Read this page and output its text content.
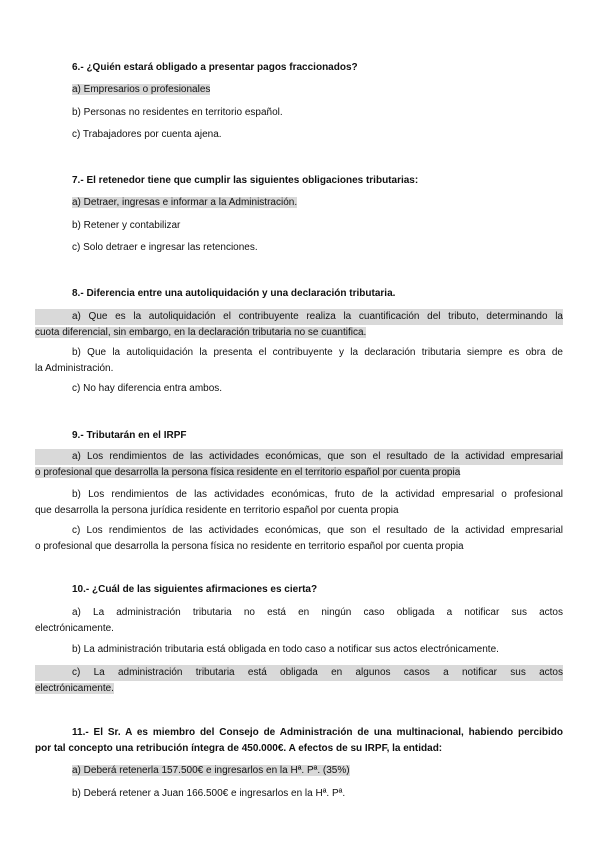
6.- ¿Quién estará obligado a presentar pagos fraccionados?
a) Empresarios o profesionales
b) Personas no residentes en territorio español.
c) Trabajadores por cuenta ajena.
7.- El retenedor tiene que cumplir las siguientes obligaciones tributarias:
a) Detraer, ingresas e informar a la Administración.
b) Retener y contabilizar
c) Solo detraer e ingresar las retenciones.
8.- Diferencia entre una autoliquidación y una declaración tributaria.
a) Que es la autoliquidación el contribuyente realiza la cuantificación del tributo, determinando la
cuota diferencial, sin embargo, en la declaración tributaria no se cuantifica.
b) Que la autoliquidación la presenta el contribuyente y la declaración tributaria siempre es obra de
la Administración.
c) No hay diferencia entra ambos.
9.- Tributarán en el IRPF
a) Los rendimientos de las actividades económicas, que son el resultado de la actividad empresarial
o profesional que desarrolla la persona física residente en el territorio español por cuenta propia
b) Los rendimientos de las actividades económicas, fruto de la actividad empresarial o profesional
que desarrolla la persona jurídica residente en territorio español por cuenta propia
c) Los rendimientos de las actividades económicas, que son el resultado de la actividad empresarial
o profesional que desarrolla la persona física no residente en territorio español por cuenta propia
10.- ¿Cuál de las siguientes afirmaciones es cierta?
a) La administración tributaria no está en ningún caso obligada a notificar sus actos
electrónicamente.
b) La administración tributaria está obligada en todo caso a notificar sus actos electrónicamente.
c) La administración tributaria está obligada en algunos casos a notificar sus actos
electrónicamente.
11.- El Sr. A es miembro del Consejo de Administración de una multinacional, habiendo percibido
por tal concepto una retribución íntegra de 450.000€. A efectos de su IRPF, la entidad:
a) Deberá retenerla 157.500€ e ingresarlos en la Hª. Pª. (35%)
b) Deberá retener a Juan 166.500€ e ingresarlos en la Hª. Pª.
